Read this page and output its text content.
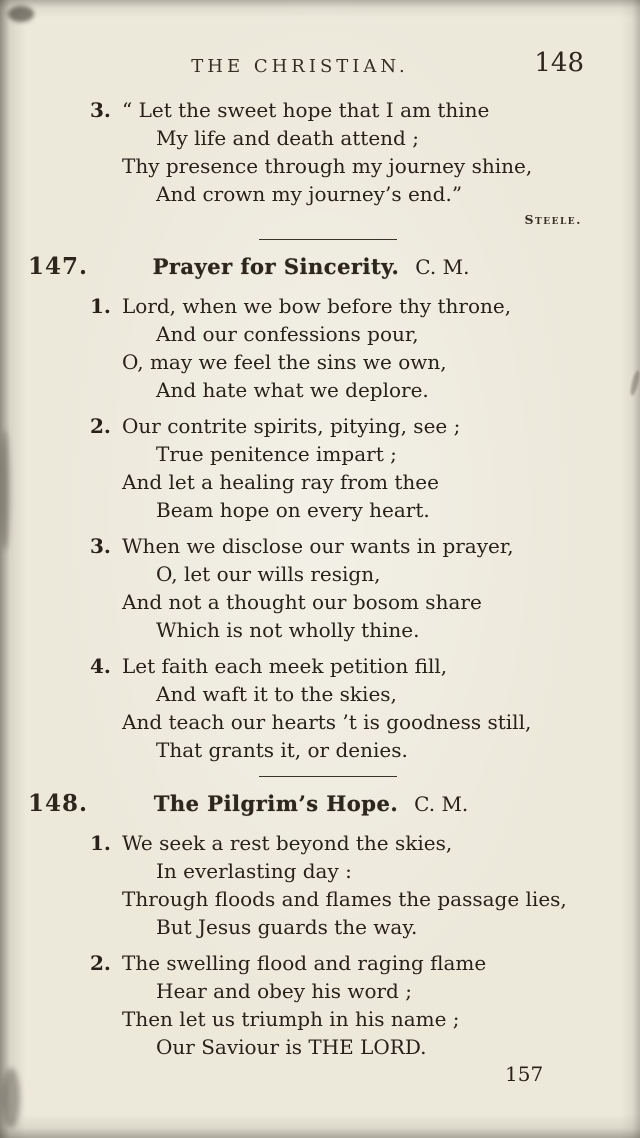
THE CHRISTIAN.	148
3. “ Let the sweet hope that I am thine
My life and death attend ;
Thy presence through my journey shine,
And crown my journey’s end.”
Steele.
147.	Prayer for Sincerity. C. M.
1. Lord, when we bow before thy throne,
And our confessions pour,
O, may we feel the sins we own,
And hate what we deplore.
2. Our contrite spirits, pitying, see ;
True penitence impart ;
And let a healing ray from thee
Beam hope on every heart.
3. When we disclose our wants in prayer,
O, let our wills resign,
And not a thought our bosom share
Which is not wholly thine.
4. Let faith each meek petition fill,
And waft it to the skies,
And teach our hearts ’t is goodness still,
That grants it, or denies.
148.	The Pilgrim’s Hope. C. M.
1. We seek a rest beyond the skies,
In everlasting day :
Through floods and flames the passage lies,
But Jesus guards the way.
2. The swelling flood and raging flame
Hear and obey his word ;
Then let us triumph in his name ;
Our Saviour is THE LORD.
157
